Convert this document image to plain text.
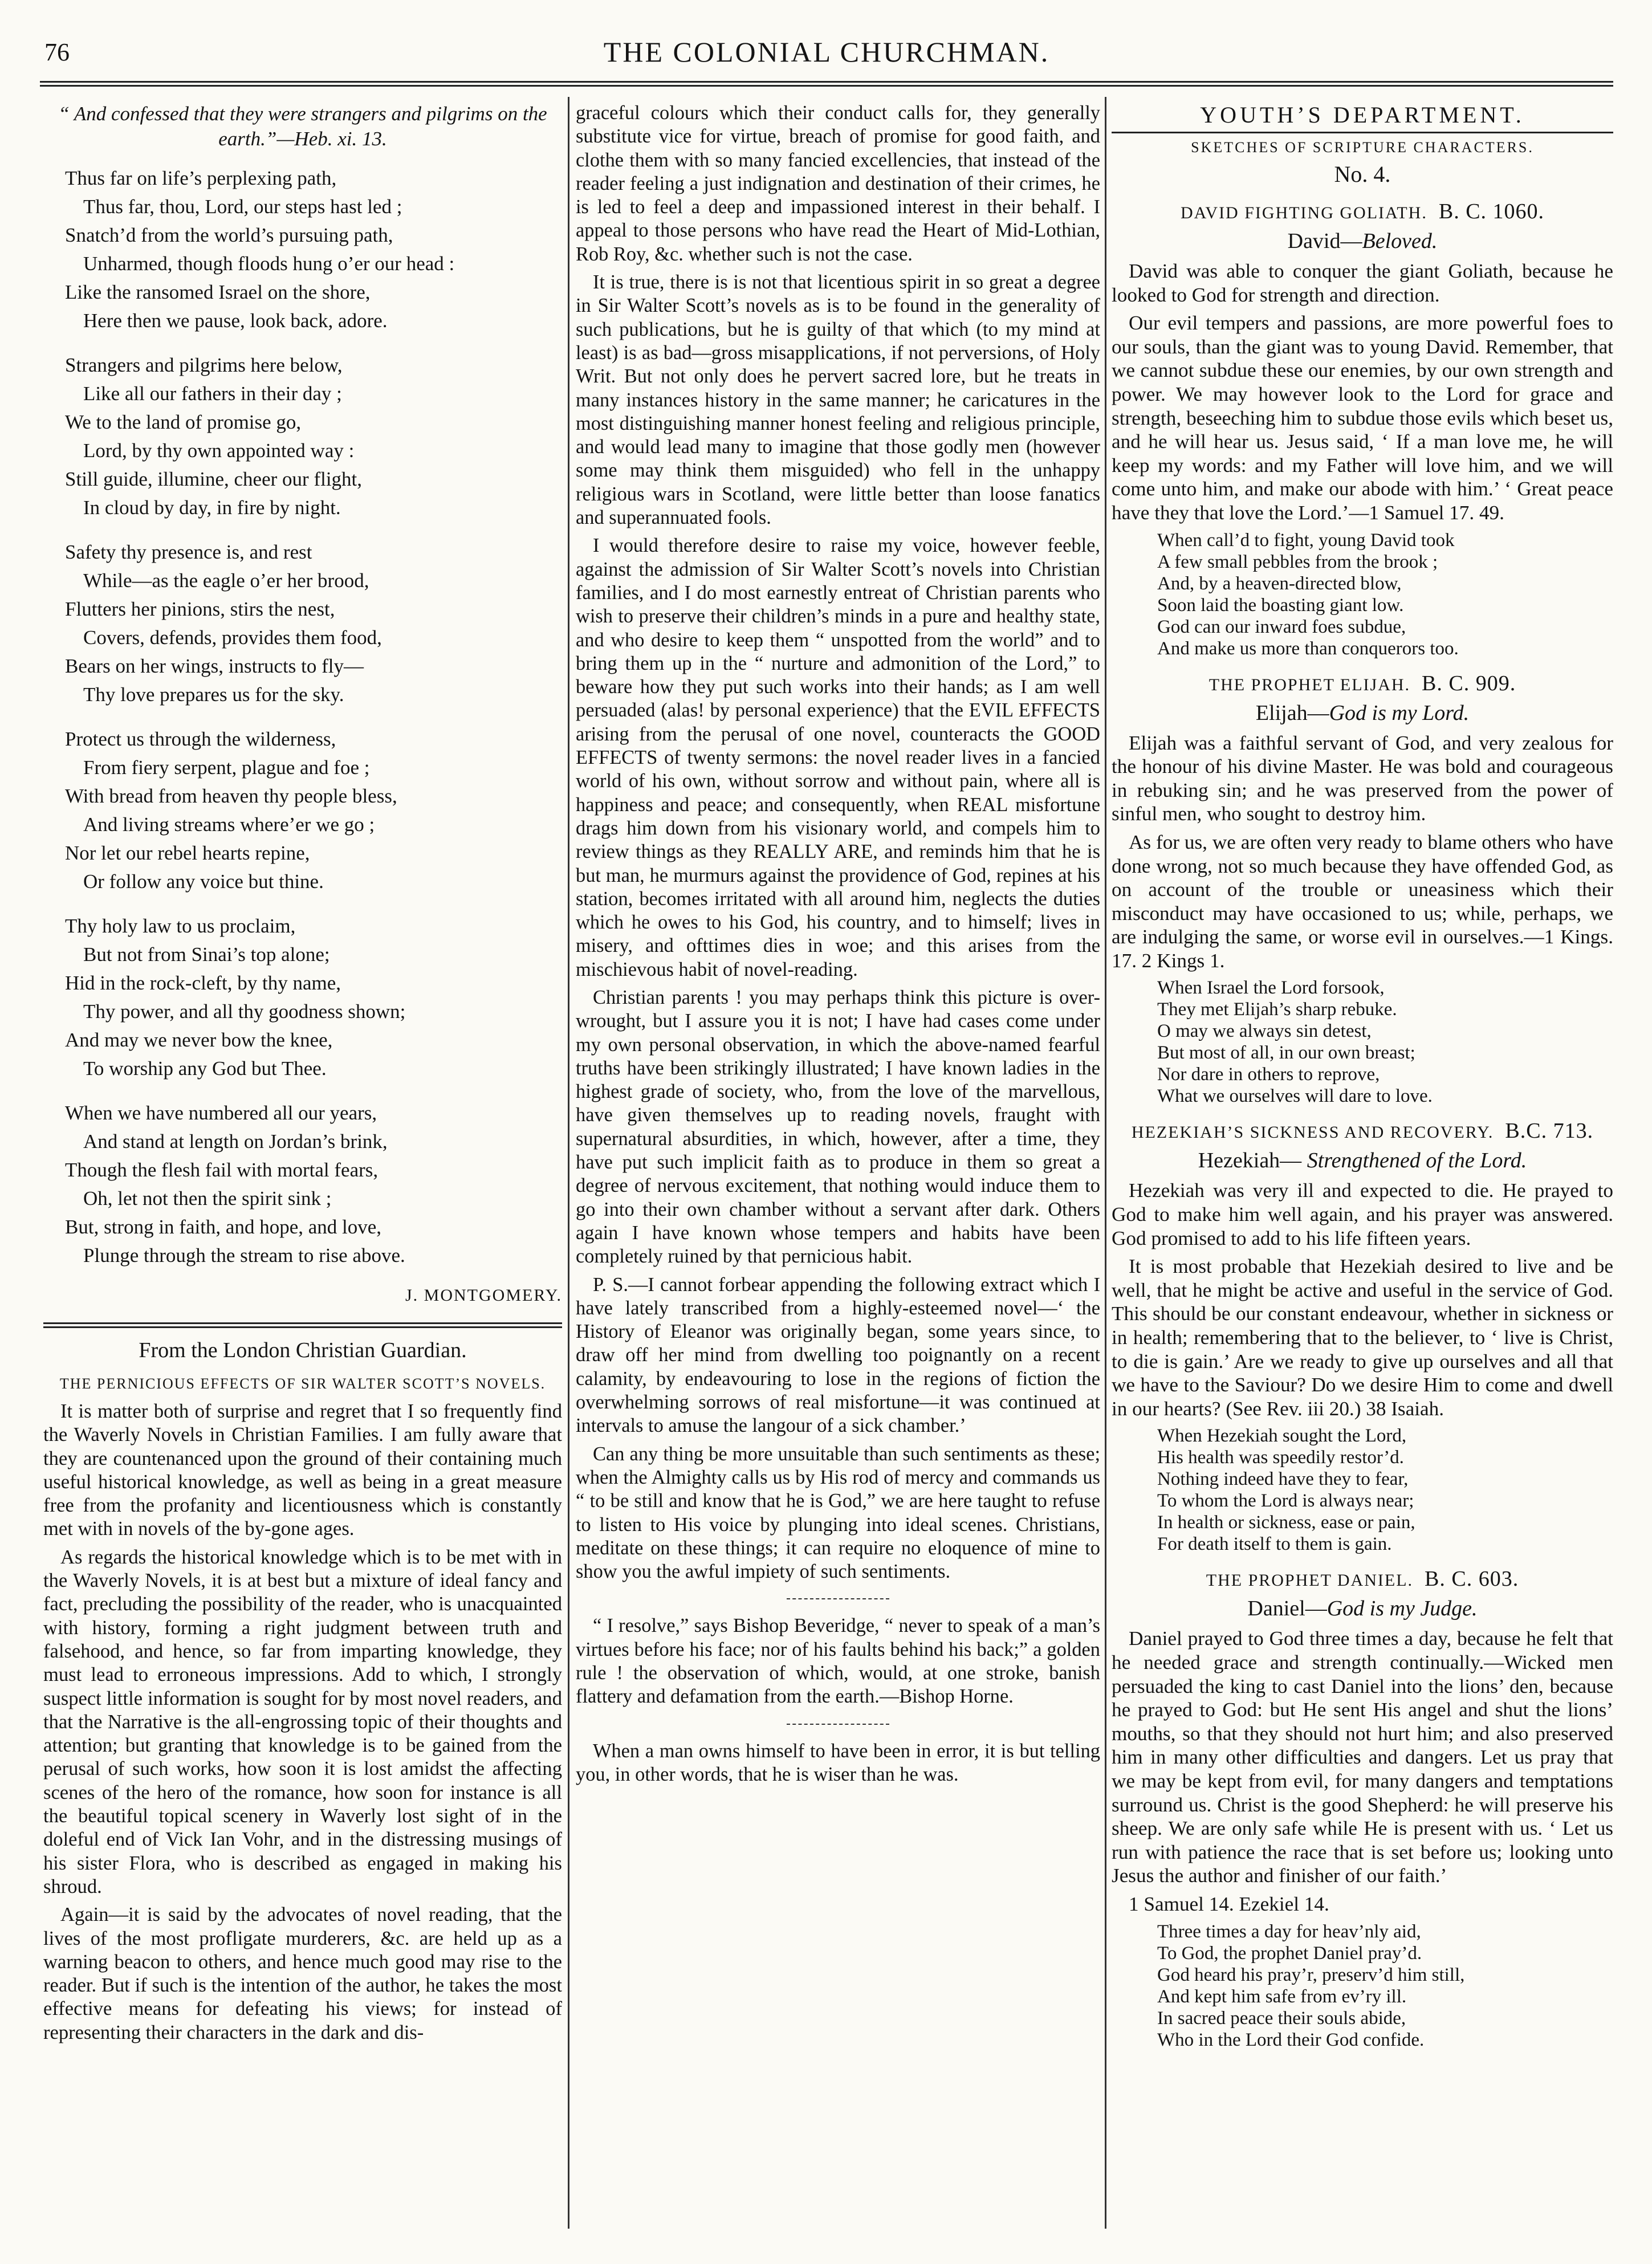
76	THE COLONIAL CHURCHMAN.

“ And confessed that they were strangers and pilgrims on the earth.”—Heb. xi. 13.

Thus far on life’s perplexing path,

Thus far, thou, Lord, our steps hast led ;

Snatch’d from the world’s pursuing path,

Unharmed, though floods hung o’er our head :

Like the ransomed Israel on the shore,

Here then we pause, look back, adore.

Strangers and pilgrims here below,

Like all our fathers in their day ;

We to the land of promise go,

Lord, by thy own appointed way :

Still guide, illumine, cheer our flight,

In cloud by day, in fire by night.

Safety thy presence is, and rest

While—as the eagle o’er her brood,

Flutters her pinions, stirs the nest,

Covers, defends, provides them food,

Bears on her wings, instructs to fly—

Thy love prepares us for the sky.

Protect us through the wilderness,

From fiery serpent, plague and foe ;

With bread from heaven thy people bless,

And living streams where’er we go ;

Nor let our rebel hearts repine,

Or follow any voice but thine.

Thy holy law to us proclaim,

But not from Sinai’s top alone;

Hid in the rock-cleft, by thy name,

Thy power, and all thy goodness shown;

And may we never bow the knee,

To worship any God but Thee.

When we have numbered all our years,

And stand at length on Jordan’s brink,

Though the flesh fail with mortal fears,

Oh, let not then the spirit sink ;

But, strong in faith, and hope, and love,

Plunge through the stream to rise above.

J. MONTGOMERY.

From the London Christian Guardian.

THE PERNICIOUS EFFECTS OF SIR WALTER SCOTT’S NOVELS.

It is matter both of surprise and regret that I so frequently find the Waverly Novels in Christian Families. I am fully aware that they are countenanced upon the ground of their containing much useful historical knowledge, as well as being in a great measure free from the profanity and licentiousness which is constantly met with in novels of the by-gone ages.

As regards the historical knowledge which is to be met with in the Waverly Novels, it is at best but a mixture of ideal fancy and fact, precluding the possibility of the reader, who is unacquainted with history, forming a right judgment between truth and falsehood, and hence, so far from imparting knowledge, they must lead to erroneous impressions. Add to which, I strongly suspect little information is sought for by most novel readers, and that the Narrative is the all-engrossing topic of their thoughts and attention; but granting that knowledge is to be gained from the perusal of such works, how soon it is lost amidst the affecting scenes of the hero of the romance, how soon for instance is all the beautiful topical scenery in Waverly lost sight of in the doleful end of Vick Ian Vohr, and in the distressing musings of his sister Flora, who is described as engaged in making his shroud.

Again—it is said by the advocates of novel reading, that the lives of the most profligate murderers, &c. are held up as a warning beacon to others, and hence much good may rise to the reader. But if such is the intention of the author, he takes the most effective means for defeating his views; for instead of representing their characters in the dark and dis-

graceful colours which their conduct calls for, they generally substitute vice for virtue, breach of promise for good faith, and clothe them with so many fancied excellencies, that instead of the reader feeling a just indignation and destination of their crimes, he is led to feel a deep and impassioned interest in their behalf. I appeal to those persons who have read the Heart of Mid-Lothian, Rob Roy, &c. whether such is not the case.

It is true, there is is not that licentious spirit in so great a degree in Sir Walter Scott’s novels as is to be found in the generality of such publications, but he is guilty of that which (to my mind at least) is as bad—gross misapplications, if not perversions, of Holy Writ. But not only does he pervert sacred lore, but he treats in many instances history in the same manner; he caricatures in the most distinguishing manner honest feeling and religious principle, and would lead many to imagine that those godly men (however some may think them misguided) who fell in the unhappy religious wars in Scotland, were little better than loose fanatics and superannuated fools.

I would therefore desire to raise my voice, however feeble, against the admission of Sir Walter Scott’s novels into Christian families, and I do most earnestly entreat of Christian parents who wish to preserve their children’s minds in a pure and healthy state, and who desire to keep them “ unspotted from the world” and to bring them up in the “ nurture and admonition of the Lord,” to beware how they put such works into their hands; as I am well persuaded (alas! by personal experience) that the EVIL EFFECTS arising from the perusal of one novel, counteracts the GOOD EFFECTS of twenty sermons: the novel reader lives in a fancied world of his own, without sorrow and without pain, where all is happiness and peace; and consequently, when REAL misfortune drags him down from his visionary world, and compels him to review things as they REALLY ARE, and reminds him that he is but man, he murmurs against the providence of God, repines at his station, becomes irritated with all around him, neglects the duties which he owes to his God, his country, and to himself; lives in misery, and ofttimes dies in woe; and this arises from the mischievous habit of novel-reading.

Christian parents ! you may perhaps think this picture is over-wrought, but I assure you it is not; I have had cases come under my own personal observation, in which the above-named fearful truths have been strikingly illustrated; I have known ladies in the highest grade of society, who, from the love of the marvellous, have given themselves up to reading novels, fraught with supernatural absurdities, in which, however, after a time, they have put such implicit faith as to produce in them so great a degree of nervous excitement, that nothing would induce them to go into their own chamber without a servant after dark. Others again I have known whose tempers and habits have been completely ruined by that pernicious habit.

P. S.—I cannot forbear appending the following extract which I have lately transcribed from a highly-esteemed novel—‘ the History of Eleanor was originally began, some years since, to draw off her mind from dwelling too poignantly on a recent calamity, by endeavouring to lose in the regions of fiction the overwhelming sorrows of real misfortune—it was continued at intervals to amuse the langour of a sick chamber.’

Can any thing be more unsuitable than such sentiments as these; when the Almighty calls us by His rod of mercy and commands us “ to be still and know that he is God,” we are here taught to refuse to listen to His voice by plunging into ideal scenes. Christians, meditate on these things; it can require no eloquence of mine to show you the awful impiety of such sentiments.

“ I resolve,” says Bishop Beveridge, “ never to speak of a man’s virtues before his face; nor of his faults behind his back;” a golden rule ! the observation of which, would, at one stroke, banish flattery and defamation from the earth.—Bishop Horne.

When a man owns himself to have been in error, it is but telling you, in other words, that he is wiser than he was.

YOUTH’S DEPARTMENT.
SKETCHES OF SCRIPTURE CHARACTERS.
No. 4.
DAVID FIGHTING GOLIATH. B. C. 1060.
David—Beloved.

David was able to conquer the giant Goliath, because he looked to God for strength and direction.

Our evil tempers and passions, are more powerful foes to our souls, than the giant was to young David. Remember, that we cannot subdue these our enemies, by our own strength and power. We may however look to the Lord for grace and strength, beseeching him to subdue those evils which beset us, and he will hear us. Jesus said, ‘ If a man love me, he will keep my words: and my Father will love him, and we will come unto him, and make our abode with him.’ ‘ Great peace have they that love the Lord.’—1 Samuel 17. 49.

When call’d to fight, young David took

A few small pebbles from the brook ;

And, by a heaven-directed blow,

Soon laid the boasting giant low.

God can our inward foes subdue,

And make us more than conquerors too.

THE PROPHET ELIJAH. B. C. 909.
Elijah—God is my Lord.

Elijah was a faithful servant of God, and very zealous for the honour of his divine Master. He was bold and courageous in rebuking sin; and he was preserved from the power of sinful men, who sought to destroy him.

As for us, we are often very ready to blame others who have done wrong, not so much because they have offended God, as on account of the trouble or uneasiness which their misconduct may have occasioned to us; while, perhaps, we are indulging the same, or worse evil in ourselves.—1 Kings. 17. 2 Kings 1.

When Israel the Lord forsook,

They met Elijah’s sharp rebuke.

O may we always sin detest,

But most of all, in our own breast;

Nor dare in others to reprove,

What we ourselves will dare to love.

HEZEKIAH’S SICKNESS AND RECOVERY. B.C. 713.
Hezekiah— Strengthened of the Lord.

Hezekiah was very ill and expected to die. He prayed to God to make him well again, and his prayer was answered. God promised to add to his life fifteen years.

It is most probable that Hezekiah desired to live and be well, that he might be active and useful in the service of God. This should be our constant endeavour, whether in sickness or in health; remembering that to the believer, to ‘ live is Christ, to die is gain.’ Are we ready to give up ourselves and all that we have to the Saviour? Do we desire Him to come and dwell in our hearts? (See Rev. iii 20.) 38 Isaiah.

When Hezekiah sought the Lord,

His health was speedily restor’d.

Nothing indeed have they to fear,

To whom the Lord is always near;

In health or sickness, ease or pain,

For death itself to them is gain.

THE PROPHET DANIEL. B. C. 603.
Daniel—God is my Judge.

Daniel prayed to God three times a day, because he felt that he needed grace and strength continually.—Wicked men persuaded the king to cast Daniel into the lions’ den, because he prayed to God: but He sent His angel and shut the lions’ mouths, so that they should not hurt him; and also preserved him in many other difficulties and dangers. Let us pray that we may be kept from evil, for many dangers and temptations surround us. Christ is the good Shepherd: he will preserve his sheep. We are only safe while He is present with us. ‘ Let us run with patience the race that is set before us; looking unto Jesus the author and finisher of our faith.’

1 Samuel 14. Ezekiel 14.

Three times a day for heav’nly aid,

To God, the prophet Daniel pray’d.

God heard his pray’r, preserv’d him still,

And kept him safe from ev’ry ill.

In sacred peace their souls abide,

Who in the Lord their God confide.
